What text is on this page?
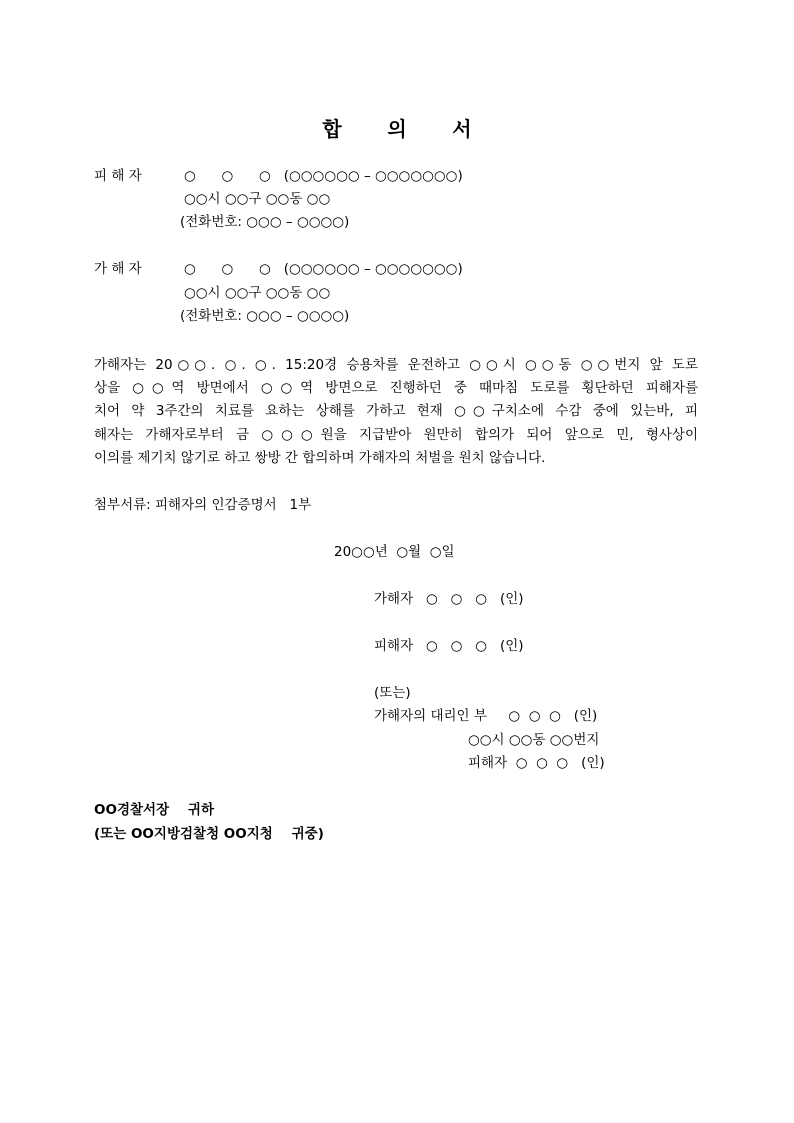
합 의 서
피 해 자	○      ○      ○   (○○○○○○ – ○○○○○○○)
○○시 ○○구 ○○동 ○○
(전화번호: ○○○ – ○○○○)
가 해 자	○      ○      ○   (○○○○○○ – ○○○○○○○)
○○시 ○○구 ○○동 ○○
(전화번호: ○○○ – ○○○○)
가해자는 20○○. ○. ○. 15:20경 승용차를 운전하고 ○○시 ○○동 ○○번지 앞 도로
상을 ○○역 방면에서 ○○역 방면으로 진행하던 중 때마침 도로를 횡단하던 피해자를
치어 약 3주간의 치료를 요하는 상해를 가하고 현재 ○○구치소에 수감 중에 있는바, 피
해자는 가해자로부터 금 ○○○원을 지급받아 원만히 합의가 되어 앞으로 민, 형사상이
이의를 제기치 않기로 하고 쌍방 간 합의하며 가해자의 처벌을 원치 않습니다.
첨부서류: 피해자의 인감증명서   1부
20○○년  ○월  ○일
가해자   ○   ○   ○   (인)
피해자   ○   ○   ○   (인)
(또는)
가해자의 대리인 부     ○  ○  ○   (인)
○○시 ○○동 ○○번지
피해자  ○  ○  ○   (인)
OO경찰서장    귀하
(또는 OO지방검찰청 OO지청    귀중)
